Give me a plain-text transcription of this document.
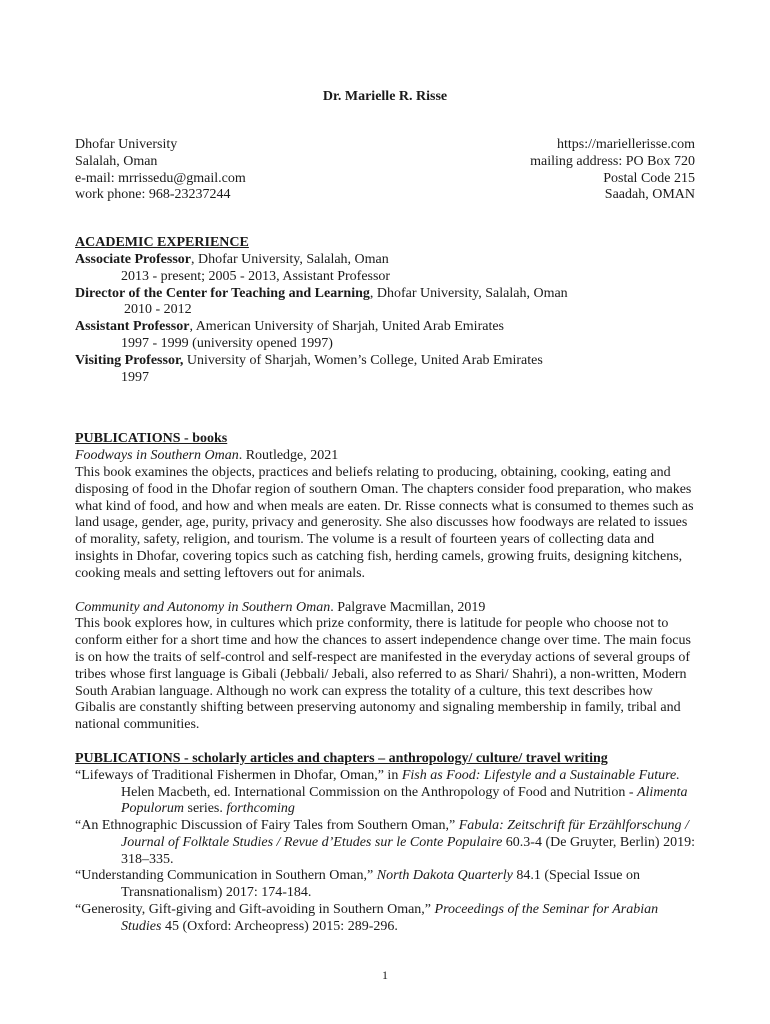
Dr. Marielle R. Risse
Dhofar University
Salalah, Oman
e-mail: mrrissedu@gmail.com
work phone: 968-23237244
https://mariellerisse.com
mailing address: PO Box 720
Postal Code 215
Saadah, OMAN
ACADEMIC EXPERIENCE
Associate Professor, Dhofar University, Salalah, Oman
2013 - present; 2005 - 2013, Assistant Professor
Director of the Center for Teaching and Learning, Dhofar University, Salalah, Oman
2010 - 2012
Assistant Professor, American University of Sharjah, United Arab Emirates
1997 - 1999 (university opened 1997)
Visiting Professor, University of Sharjah, Women’s College, United Arab Emirates
1997
PUBLICATIONS - books
Foodways in Southern Oman. Routledge, 2021
This book examines the objects, practices and beliefs relating to producing, obtaining, cooking, eating and disposing of food in the Dhofar region of southern Oman. The chapters consider food preparation, who makes what kind of food, and how and when meals are eaten. Dr. Risse connects what is consumed to themes such as land usage, gender, age, purity, privacy and generosity. She also discusses how foodways are related to issues of morality, safety, religion, and tourism. The volume is a result of fourteen years of collecting data and insights in Dhofar, covering topics such as catching fish, herding camels, growing fruits, designing kitchens, cooking meals and setting leftovers out for animals.
Community and Autonomy in Southern Oman. Palgrave Macmillan, 2019
This book explores how, in cultures which prize conformity, there is latitude for people who choose not to conform either for a short time and how the chances to assert independence change over time. The main focus is on how the traits of self-control and self-respect are manifested in the everyday actions of several groups of tribes whose first language is Gibali (Jebbali/ Jebali, also referred to as Shari/ Shahri), a non-written, Modern South Arabian language. Although no work can express the totality of a culture, this text describes how Gibalis are constantly shifting between preserving autonomy and signaling membership in family, tribal and national communities.
PUBLICATIONS - scholarly articles and chapters – anthropology/ culture/ travel writing
“Lifeways of Traditional Fishermen in Dhofar, Oman,” in Fish as Food: Lifestyle and a Sustainable Future. Helen Macbeth, ed. International Commission on the Anthropology of Food and Nutrition - Alimenta Populorum series. forthcoming
“An Ethnographic Discussion of Fairy Tales from Southern Oman,” Fabula: Zeitschrift für Erzählforschung / Journal of Folktale Studies / Revue d’Etudes sur le Conte Populaire 60.3-4 (De Gruyter, Berlin) 2019: 318–335.
“Understanding Communication in Southern Oman,” North Dakota Quarterly 84.1 (Special Issue on Transnationalism) 2017: 174-184.
“Generosity, Gift-giving and Gift-avoiding in Southern Oman,” Proceedings of the Seminar for Arabian Studies 45 (Oxford: Archeopress) 2015: 289-296.
1
